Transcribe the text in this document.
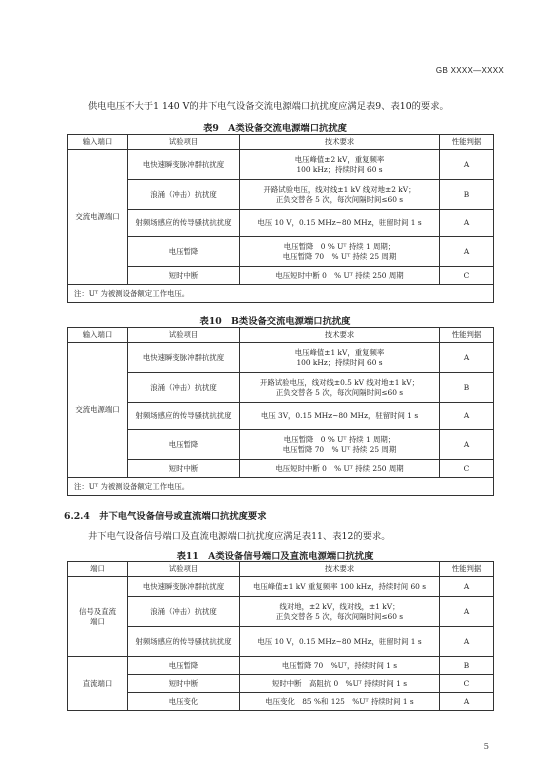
GB XXXX—XXXX
供电电压不大于1 140 V的井下电气设备交流电源端口抗扰度应满足表9、表10的要求。
表9　A类设备交流电源端口抗扰度
输入端口	试验项目	技术要求	性能判据
交流电源端口	电快速瞬变脉冲群抗扰度	电压峰值±2 kV，重复频率
100 kHz；持续时间 60 s	A
	浪涌（冲击）抗扰度	开路试验电压，线对线±1 kV 线对地±2 kV；
正负交替各 5 次，每次间隔时间≤60 s	B
	射频场感应的传导骚扰抗扰度	电压 10 V，0.15 MHz~80 MHz，驻留时间 1 s	A
	电压暂降	电压暂降　0 % Uᵀ 持续 1 周期；
电压暂降 70　% Uᵀ 持续 25 周期	A
	短时中断	电压短时中断 0　% Uᵀ 持续 250 周期	C
注：Uᵀ 为被测设备额定工作电压。			
表10　B类设备交流电源端口抗扰度
输入端口	试验项目	技术要求	性能判据
交流电源端口	电快速瞬变脉冲群抗扰度	电压峰值±1 kV，重复频率
100 kHz；持续时间 60 s	A
	浪涌（冲击）抗扰度	开路试验电压，线对线±0.5 kV 线对地±1 kV；
正负交替各 5 次，每次间隔时间≤60 s	B
	射频场感应的传导骚扰抗扰度	电压 3V，0.15 MHz~80 MHz，驻留时间 1 s	A
	电压暂降	电压暂降　0 % Uᵀ 持续 1 周期；
电压暂降 70　% Uᵀ 持续 25 周期	A
	短时中断	电压短时中断 0　% Uᵀ 持续 250 周期	C
注：Uᵀ 为被测设备额定工作电压。			
6.2.4　井下电气设备信号或直流端口抗扰度要求
井下电气设备信号端口及直流电源端口抗扰度应满足表11、表12的要求。
表11　A类设备信号端口及直流电源端口抗扰度
端口	试验项目	技术要求	性能判据
信号及直流
端口	电快速瞬变脉冲群抗扰度	电压峰值±1 kV 重复频率 100 kHz，持续时间 60 s	A
	浪涌（冲击）抗扰度	线对地，±2 kV，线对线，±1 kV；
正负交替各 5 次，每次间隔时间≤60 s	A
	射频场感应的传导骚扰抗扰度	电压 10 V，0.15 MHz~80 MHz，驻留时间 1 s	A
直流端口	电压暂降	电压暂降 70　%Uᵀ，持续时间 1 s	B
	短时中断	短时中断　高阻抗 0　%Uᵀ 持续时间 1 s	C
	电压变化	电压变化　85 %和 125　%Uᵀ 持续时间 1 s	A
5
